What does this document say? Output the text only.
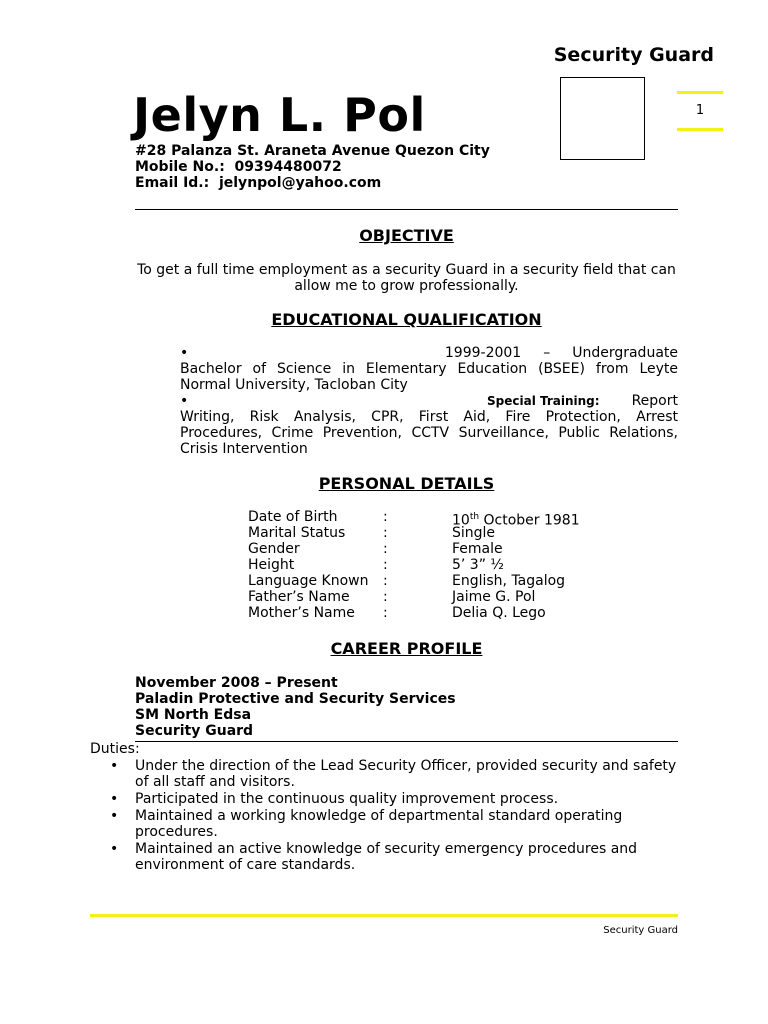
Security Guard
1
Jelyn L. Pol
#28 Palanza St. Araneta Avenue Quezon City
Mobile No.: 09394480072
Email Id.: jelynpol@yahoo.com
OBJECTIVE
To get a full time employment as a security Guard in a security field that can
allow me to grow professionally.
EDUCATIONAL QUALIFICATION
•	1999-2001 – Undergraduate
Bachelor of Science in Elementary Education (BSEE) from Leyte Normal University, Tacloban City
•	Special Training: Report
Writing, Risk Analysis, CPR, First Aid, Fire Protection, Arrest Procedures, Crime Prevention, CCTV Surveillance, Public Relations, Crisis Intervention
PERSONAL DETAILS
Date of Birth	:	10th October 1981
Marital Status	:	Single
Gender	:	Female
Height	:	5’ 3” ½
Language Known :	English, Tagalog
Father’s Name :	Jaime G. Pol
Mother’s Name :	Delia Q. Lego
CAREER PROFILE
November 2008 – Present
Paladin Protective and Security Services
SM North Edsa
Security Guard
Duties:
• Under the direction of the Lead Security Officer, provided security and safety of all staff and visitors.
• Participated in the continuous quality improvement process.
• Maintained a working knowledge of departmental standard operating procedures.
• Maintained an active knowledge of security emergency procedures and environment of care standards.
Security Guard
